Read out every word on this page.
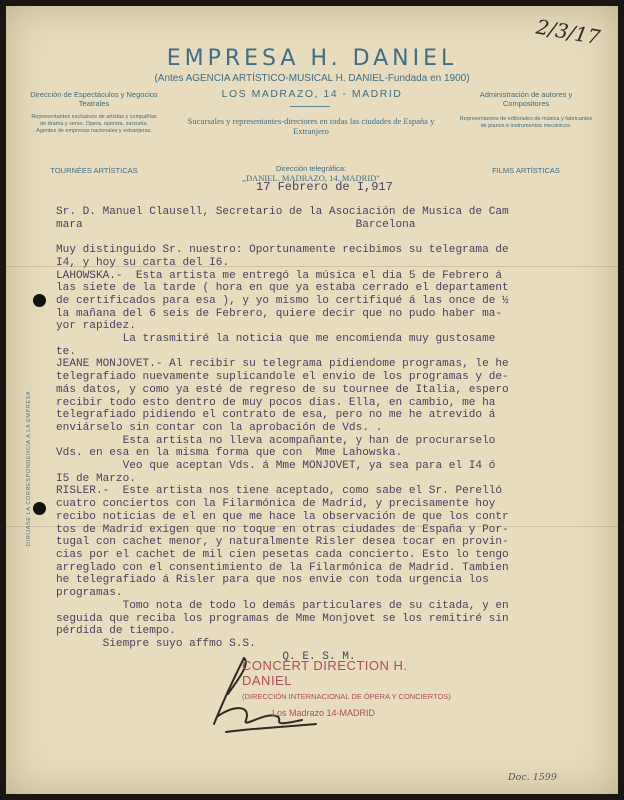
2/3/17
EMPRESA H. DANIEL
(Antes AGENCIA ARTÍSTICO-MUSICAL H. DANIEL-Fundada en 1900)
LOS MADRAZO, 14 - MADRID
Dirección de Espectáculos y Negocios Teatrales
Representantes exclusivos de artistas y compañías de drama y verso. Opera, opereta, zarzuela. Agentes de empresas nacionales y extranjeras.
TOURNÉES ARTÍSTICAS
Sucursales y representantes-directores en todas las ciudades de España y Extranjero
Dirección telegráfica:
„DANIEL. MADRAZO, 14. MADRID"
Administración de autores y Compositores
Representantes de editoriales de música y fabricantes de pianos e instrumentos mecánicos.
FILMS ARTÍSTICAS
17 Febrero de I,917
DIRÍJASE LA CORRESPONDENCIA A LA EMPRESA
Sr. D. Manuel Clausell, Secretario de la Asociación de Musica de Cam
mara                                         Barcelona

Muy distinguido Sr. nuestro: Oportunamente recibimos su telegrama de
I4, y hoy su carta del I6.
LAHOWSKA.-  Esta artista me entregó la música el dia 5 de Febrero á
las siete de la tarde ( hora en que ya estaba cerrado el departament
de certificados para esa ), y yo mismo lo certifiqué á las once de ½
la mañana del 6 seis de Febrero, quiere decir que no pudo haber ma-
yor rapidez.
La trasmitiré la noticia que me encomienda muy gustosame
te.
JEANE MONJOVET.- Al recibir su telegrama pidiendome programas, le he
telegrafiado nuevamente suplicandole el envio de los programas y de-
más datos, y como ya esté de regreso de su tournee de Italia, espero
recibir todo esto dentro de muy pocos dias. Ella, en cambio, me ha
telegrafiado pidiendo el contrato de esa, pero no me he atrevido á
enviárselo sin contar con la aprobación de Vds. .
Esta artista no lleva acompañante, y han de procurarselo
Vds. en esa en la misma forma que con  Mme Lahowska.
Veo que aceptan Vds. á Mme MONJOVET, ya sea para el I4 ó
I5 de Marzo.
RISLER.-  Este artista nos tiene aceptado, como sabe el Sr. Perelló
cuatro conciertos con la Filarmónica de Madrid, y precisamente hoy
recibo noticias de el en que me hace la observación de que los contr
tos de Madrid exigen que no toque en otras ciudades de España y Por-
tugal con cachet menor, y naturalmente Risler desea tocar en provin-
cias por el cachet de mil cien pesetas cada concierto. Esto lo tengo
arreglado con el consentimiento de la Filarmónica de Madrid. Tambien
he telegrafiado á Risler para que nos envie con toda urgencia los
programas.
Tomo nota de todo lo demás particulares de su citada, y en
seguida que reciba los programas de Mme Monjovet se los remitiré sin
pérdida de tiempo.
Siempre suyo affmo S.S.
Q. E. S. M.
CONCERT DIRECTION H. DANIEL
(DIRECCIÓN INTERNACIONAL DE ÓPERA Y CONCIERTOS)
Los Madrazo 14-MADRID
Doc. 1599
